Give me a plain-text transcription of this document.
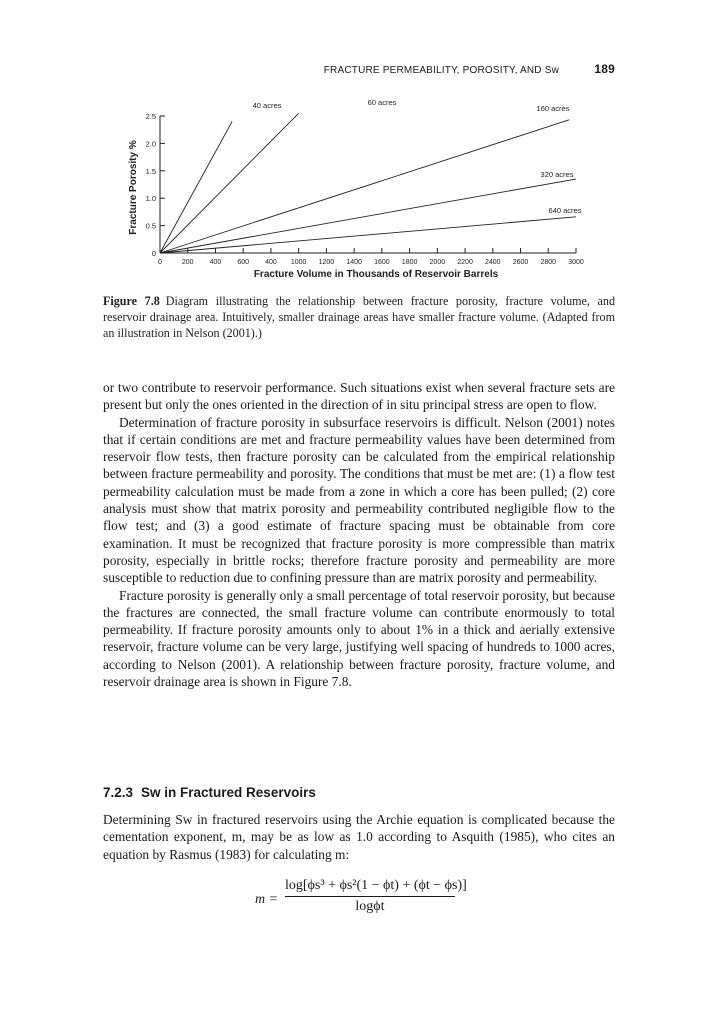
FRACTURE PERMEABILITY, POROSITY, AND Sw	189
0
0.5
1.0
1.5
2.0
2.5
0	200 400 600 400 1000 1200 1400 1600 1800 2000 2200 2400 2600 2800 3000
40 acres	60 acres
160 acres
320 acres
640 acres
Fracture Volume in Thousands of Reservoir Barrels
Fracture Porosity %
Figure 7.8 Diagram illustrating the relationship between fracture porosity, fracture volume, and reservoir drainage area. Intuitively, smaller drainage areas have smaller fracture volume. (Adapted from an illustration in Nelson (2001).)

or two contribute to reservoir performance. Such situations exist when several fracture sets are present but only the ones oriented in the direction of in situ principal stress are open to flow.

Determination of fracture porosity in subsurface reservoirs is difficult. Nelson (2001) notes that if certain conditions are met and fracture permeability values have been determined from reservoir flow tests, then fracture porosity can be calculated from the empirical relationship between fracture permeability and porosity. The conditions that must be met are: (1) a flow test permeability calculation must be made from a zone in which a core has been pulled; (2) core analysis must show that matrix porosity and permeability contributed negligible flow to the flow test; and (3) a good estimate of fracture spacing must be obtainable from core examination. It must be recognized that fracture porosity is more compressible than matrix porosity, especially in brittle rocks; therefore fracture porosity and permeability are more susceptible to reduction due to confining pressure than are matrix porosity and permeability.

Fracture porosity is generally only a small percentage of total reservoir porosity, but because the fractures are connected, the small fracture volume can contribute enormously to total permeability. If fracture porosity amounts only to about 1% in a thick and aerially extensive reservoir, fracture volume can be very large, justifying well spacing of hundreds to 1000 acres, according to Nelson (2001). A relationship between fracture porosity, fracture volume, and reservoir drainage area is shown in Figure 7.8.

7.2.3 Sw in Fractured Reservoirs

Determining Sw in fractured reservoirs using the Archie equation is complicated because the cementation exponent, m, may be as low as 1.0 according to Asquith (1985), who cites an equation by Rasmus (1983) for calculating m:

$m = \frac{\text{log[ϕs³ + ϕs²(1 − ϕt) + (ϕt − ϕs)]}}{\log\phi t}$
